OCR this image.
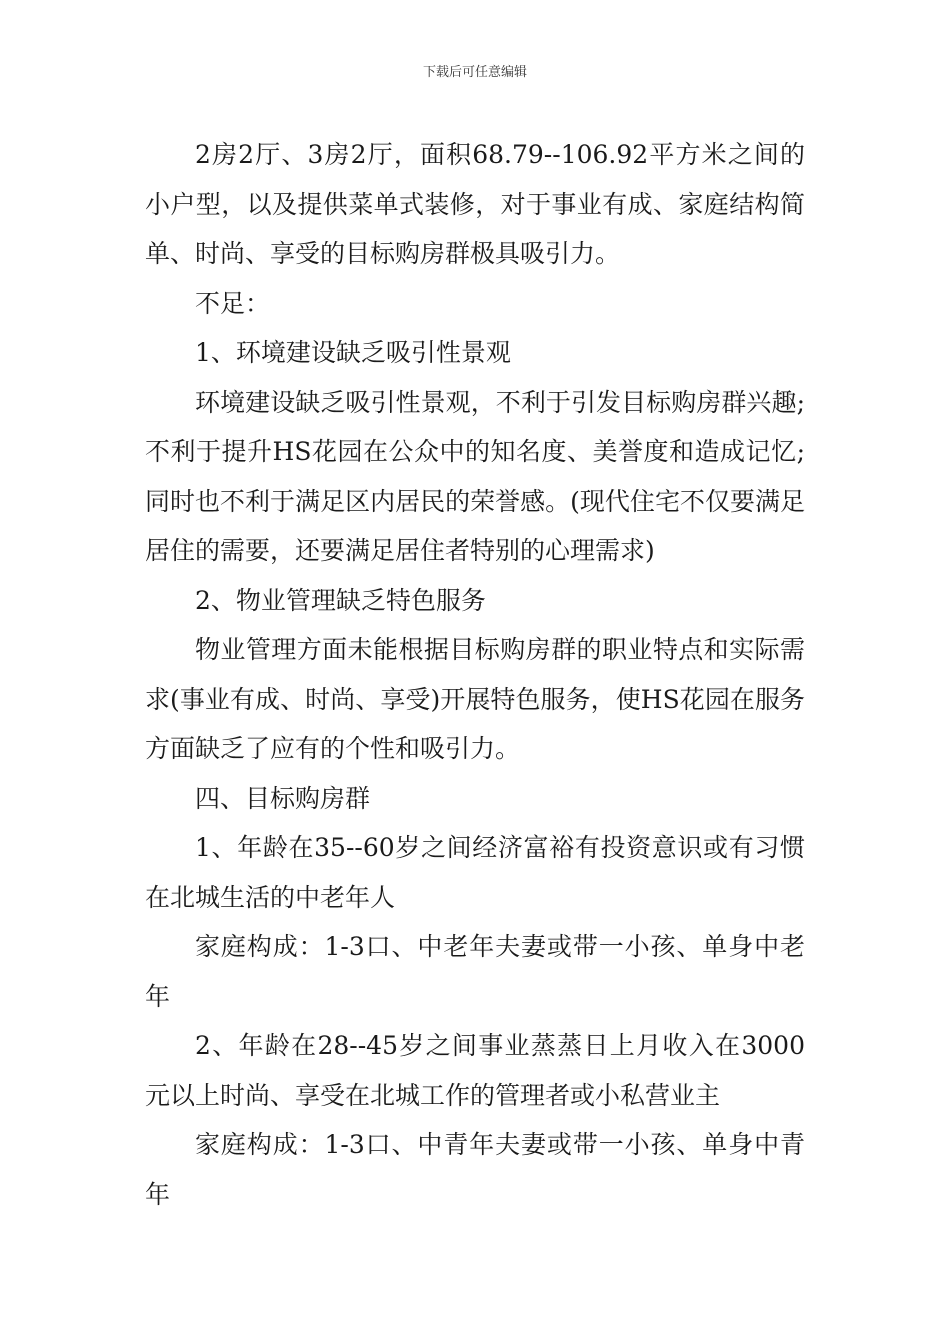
下载后可任意编辑

2房2厅、3房2厅，面积68.79--106.92平方米之间的小户型，以及提供菜单式装修，对于事业有成、家庭结构简单、时尚、享受的目标购房群极具吸引力。

不足：

1、环境建设缺乏吸引性景观

环境建设缺乏吸引性景观，不利于引发目标购房群兴趣;不利于提升HS花园在公众中的知名度、美誉度和造成记忆;同时也不利于满足区内居民的荣誉感。(现代住宅不仅要满足居住的需要，还要满足居住者特别的心理需求)

2、物业管理缺乏特色服务

物业管理方面未能根据目标购房群的职业特点和实际需求(事业有成、时尚、享受)开展特色服务，使HS花园在服务方面缺乏了应有的个性和吸引力。

四、目标购房群

1、年龄在35--60岁之间经济富裕有投资意识或有习惯在北城生活的中老年人

家庭构成：1-3口、中老年夫妻或带一小孩、单身中老年

2、年龄在28--45岁之间事业蒸蒸日上月收入在3000元以上时尚、享受在北城工作的管理者或小私营业主

家庭构成：1-3口、中青年夫妻或带一小孩、单身中青年
